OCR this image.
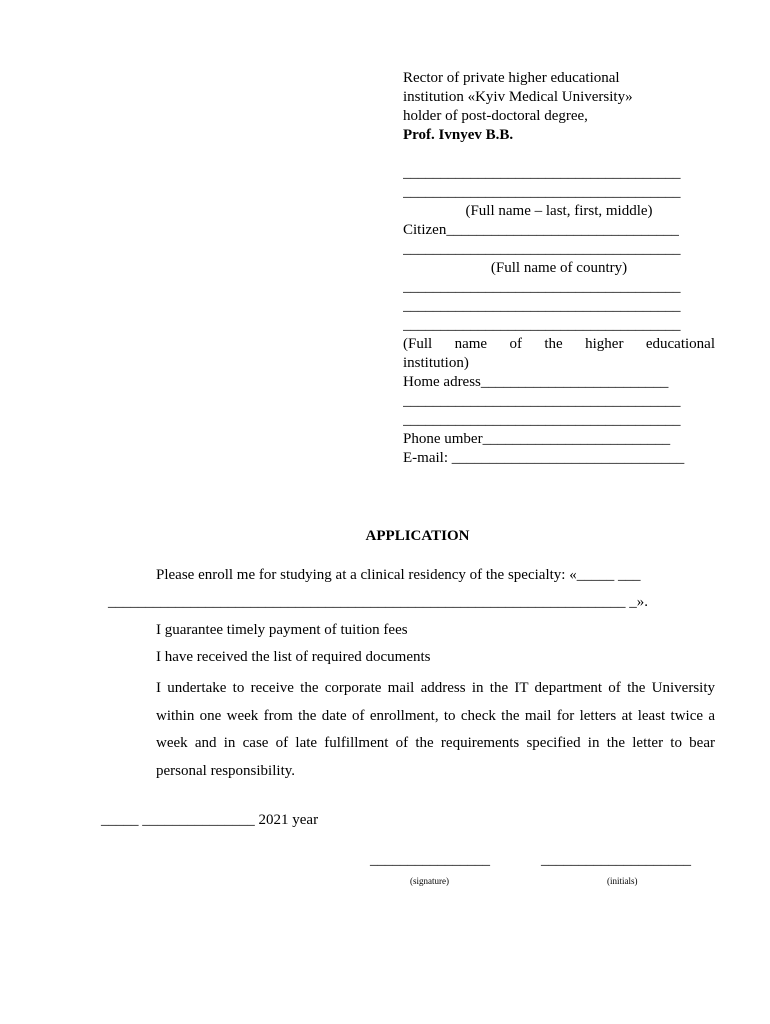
Rector of private higher educational
institution «Kyiv Medical University»
holder of post-doctoral degree,
Prof. Ivnyev B.B.
_____________________________________
_____________________________________
(Full name – last, first, middle)
Citizen_______________________________
_____________________________________
(Full name of country)
_____________________________________
_____________________________________
_____________________________________
(Full name of the higher educational
institution)
Home adress_________________________
_____________________________________
_____________________________________
Phone umber_________________________
E-mail: _______________________________
APPLICATION
Please enroll me for studying at a clinical residency of the specialty: «_____ ___
_____________________________________________________________________ _».
I guarantee timely payment of tuition fees
I have received the list of required documents
I undertake to receive the corporate mail address in the IT department of the University within one week from the date of enrollment, to check the mail for letters at least twice a week and in case of late fulfillment of the requirements specified in the letter to bear personal responsibility.
_____ _______________ 2021 year
________________
(signature)
____________________
(initials)
